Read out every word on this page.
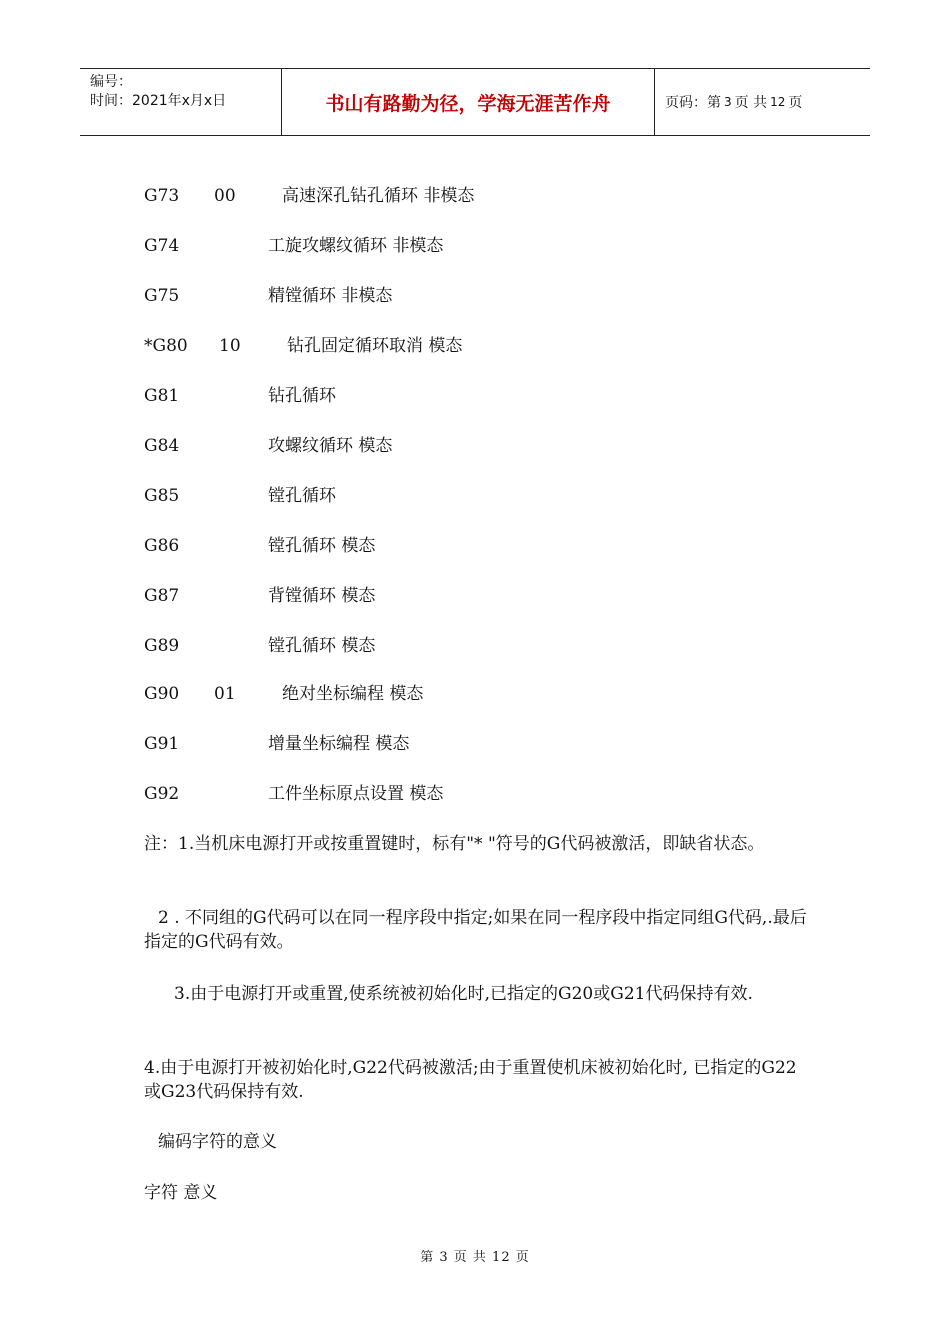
编号：
时间：2021年x月x日	书山有路勤为径，学海无涯苦作舟	页码：第 3 页 共 12 页
G73 00	高速深孔钻孔循环 非模态
G74	工旋攻螺纹循环 非模态
G75	精镗循环 非模态
*G80 10	钻孔固定循环取消 模态
G81	钻孔循环
G84	攻螺纹循环 模态
G85	镗孔循环
G86	镗孔循环 模态
G87	背镗循环 模态
G89	镗孔循环 模态
G90 01	绝对坐标编程 模态
G91	增量坐标编程 模态
G92	工件坐标原点设置 模态
注：1.当机床电源打开或按重置键时，标有"* "符号的G代码被激活，即缺省状态。
2 . 不同组的G代码可以在同一程序段中指定;如果在同一程序段中指定同组G代码,.最后指定的G代码有效。
3.由于电源打开或重置,使系统被初始化时,已指定的G20或G21代码保持有效.
4.由于电源打开被初始化时,G22代码被激活;由于重置使机床被初始化时, 已指定的G22或G23代码保持有效.
编码字符的意义
字符 意义
第 3 页 共 12 页
